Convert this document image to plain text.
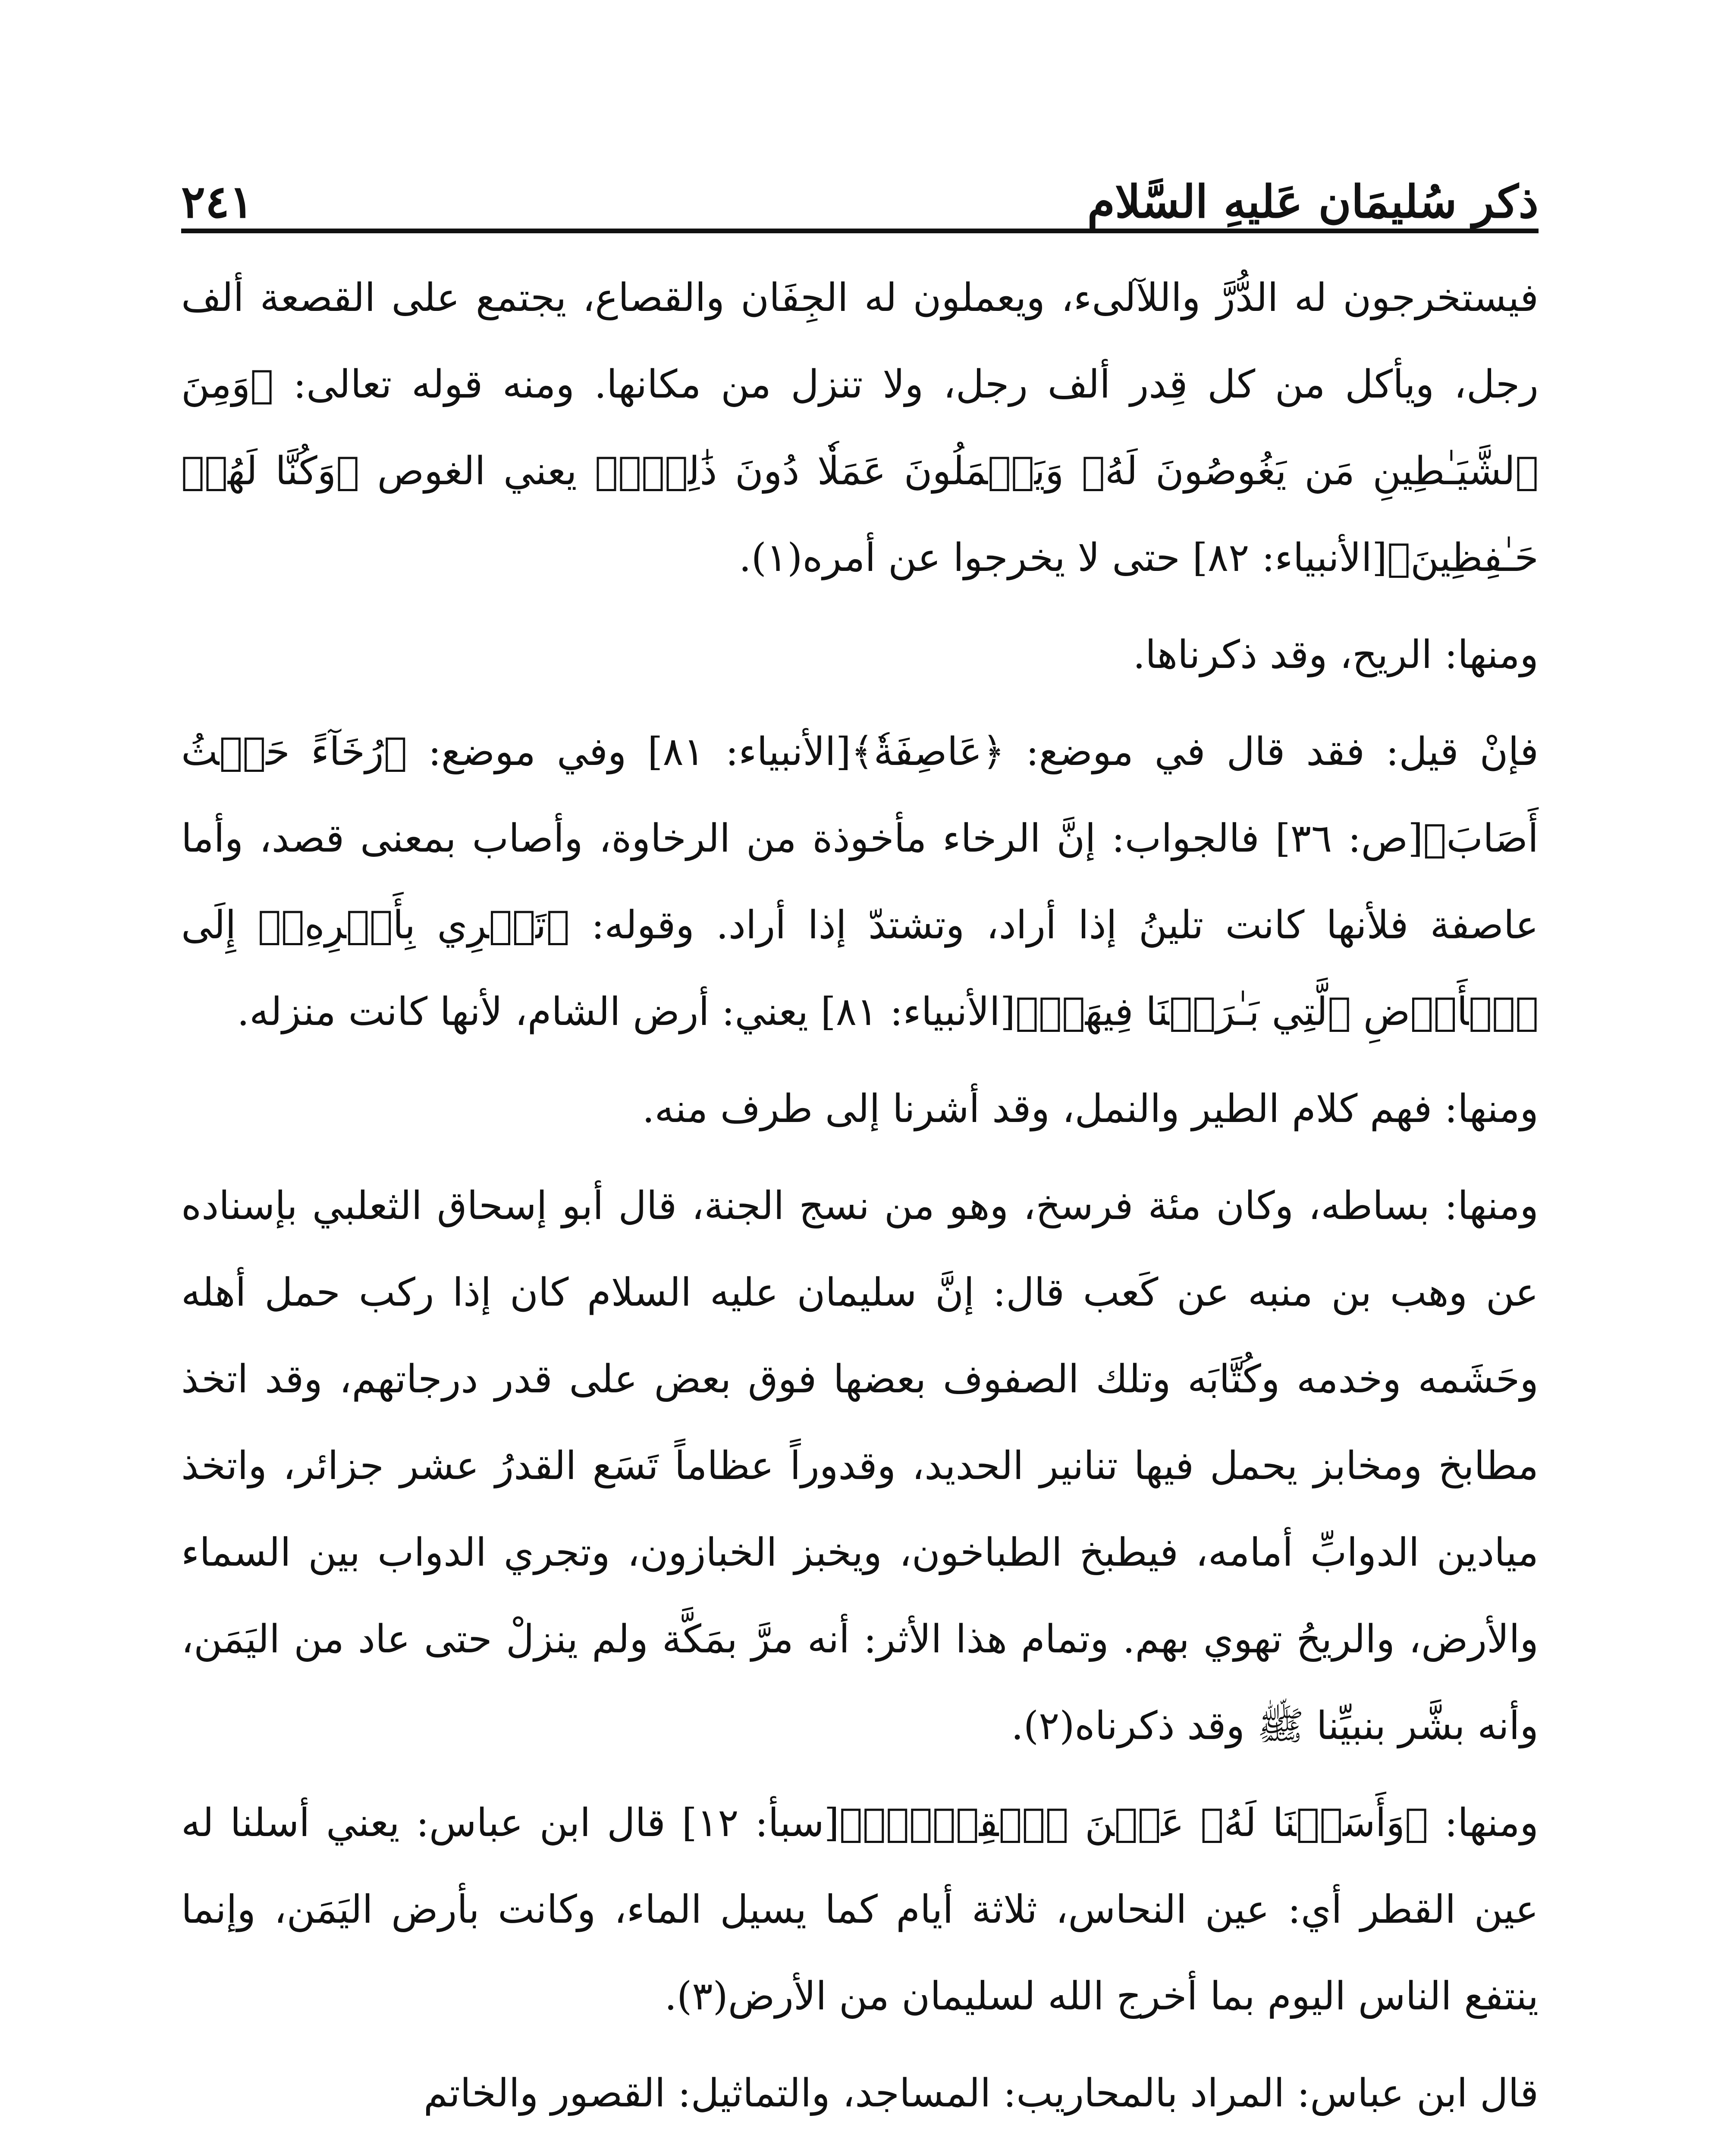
ذكر سُليمَان عَليهِ السَّلام
٢٤١

فيستخرجون له الدُّرَّ واللآلىء، ويعملون له الجِفَان والقصاع، يجتمع على القصعة ألف رجل، ويأكل من كل قِدر ألف رجل، ولا تنزل من مكانها. ومنه قوله تعالى: ﴿وَمِنَ ٱلشَّيَـٰطِينِ مَن يَغُوصُونَ لَهُۥ وَيَعۡمَلُونَ عَمَلٗا دُونَ ذَٰلِكَۖ﴾ يعني الغوص ﴿وَكُنَّا لَهُمۡ حَـٰفِظِينَ﴾[الأنبياء: ٨٢] حتى لا يخرجوا عن أمره(١).

ومنها: الريح، وقد ذكرناها.

فإنْ قيل: فقد قال في موضع: ﴿عَاصِفَةٗ﴾[الأنبياء: ٨١] وفي موضع: ﴿رُخَآءً حَيۡثُ أَصَابَ﴾[ص: ٣٦] فالجواب: إنَّ الرخاء مأخوذة من الرخاوة، وأصاب بمعنى قصد، وأما عاصفة فلأنها كانت تلينُ إذا أراد، وتشتدّ إذا أراد. وقوله: ﴿تَجۡرِي بِأَمۡرِهِۦٓ إِلَى ٱلۡأَرۡضِ ٱلَّتِي بَـٰرَكۡنَا فِيهَاۚ﴾[الأنبياء: ٨١] يعني: أرض الشام، لأنها كانت منزله.

ومنها: فهم كلام الطير والنمل، وقد أشرنا إلى طرف منه.

ومنها: بساطه، وكان مئة فرسخ، وهو من نسج الجنة، قال أبو إسحاق الثعلبي بإسناده عن وهب بن منبه عن كَعب قال: إنَّ سليمان عليه السلام كان إذا ركب حمل أهله وحَشَمه وخدمه وكُتَّابَه وتلك الصفوف بعضها فوق بعض على قدر درجاتهم، وقد اتخذ مطابخ ومخابز يحمل فيها تنانير الحديد، وقدوراً عظاماً تَسَع القدرُ عشر جزائر، واتخذ ميادين الدوابِّ أمامه، فيطبخ الطباخون، ويخبز الخبازون، وتجري الدواب بين السماء والأرض، والريحُ تهوي بهم. وتمام هذا الأثر: أنه مرَّ بمَكَّة ولم ينزلْ حتى عاد من اليَمَن، وأنه بشَّر بنبيِّنا ﷺ وقد ذكرناه(٢).

ومنها: ﴿وَأَسَلۡنَا لَهُۥ عَيۡنَ ٱلۡقِطۡرِۖ﴾[سبأ: ١٢] قال ابن عباس: يعني أسلنا له عين القطر أي: عين النحاس، ثلاثة أيام كما يسيل الماء، وكانت بأرض اليَمَن، وإنما ينتفع الناس اليوم بما أخرج الله لسليمان من الأرض(٣).

قال ابن عباس: المراد بالمحاريب: المساجد، والتماثيل: القصور والخاتم
